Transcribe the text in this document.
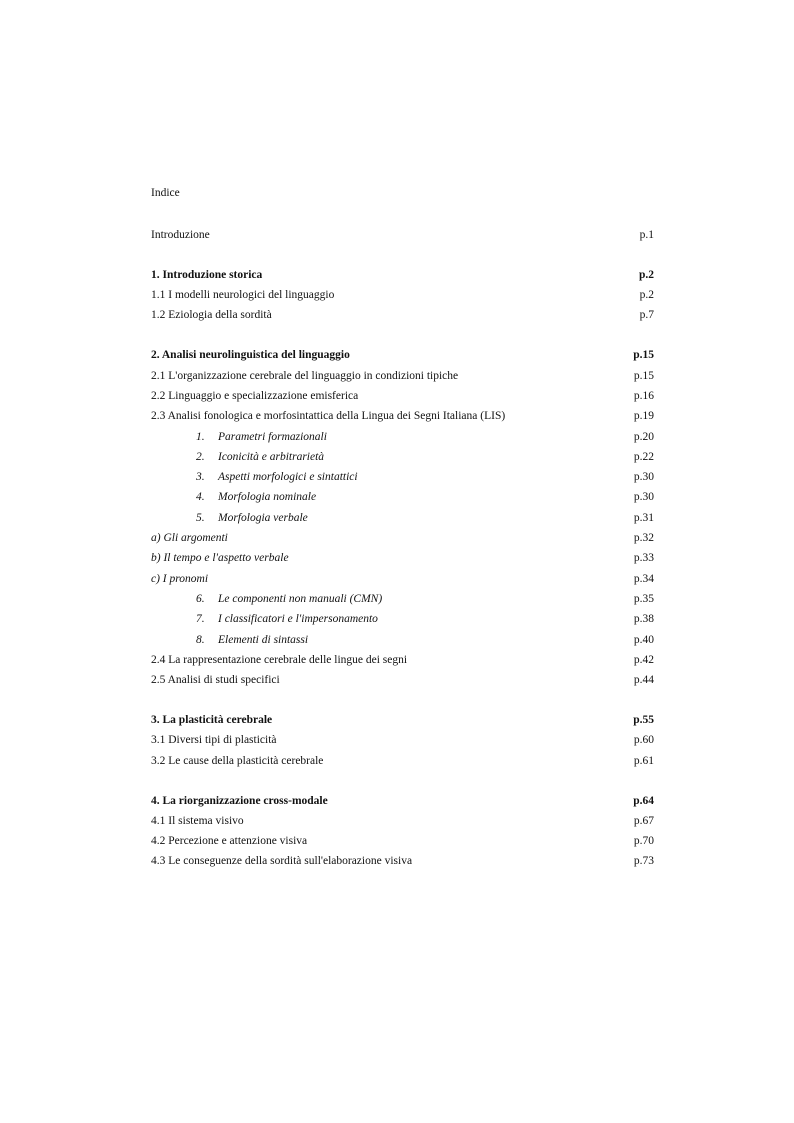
Indice
Introduzione	p.1
1. Introduzione storica	p.2
1.1 I modelli neurologici del linguaggio	p.2
1.2 Eziologia della sordità	p.7
2. Analisi neurolinguistica del linguaggio	p.15
2.1 L'organizzazione cerebrale del linguaggio in condizioni tipiche	p.15
2.2 Linguaggio e specializzazione emisferica	p.16
2.3 Analisi fonologica e morfosintattica della Lingua dei Segni Italiana (LIS)	p.19
1. Parametri formazionali	p.20
2. Iconicità e arbitrarietà	p.22
3. Aspetti morfologici e sintattici	p.30
4. Morfologia nominale	p.30
5. Morfologia verbale	p.31
a) Gli argomenti	p.32
b) Il tempo e l'aspetto verbale	p.33
c) I pronomi	p.34
6. Le componenti non manuali (CMN)	p.35
7. I classificatori e l'impersonamento	p.38
8. Elementi di sintassi	p.40
2.4 La rappresentazione cerebrale delle lingue dei segni	p.42
2.5 Analisi di studi specifici	p.44
3. La plasticità cerebrale	p.55
3.1 Diversi tipi di plasticità	p.60
3.2 Le cause della plasticità cerebrale	p.61
4. La riorganizzazione cross-modale	p.64
4.1 Il sistema visivo	p.67
4.2 Percezione e attenzione visiva	p.70
4.3 Le conseguenze della sordità sull'elaborazione visiva	p.73
